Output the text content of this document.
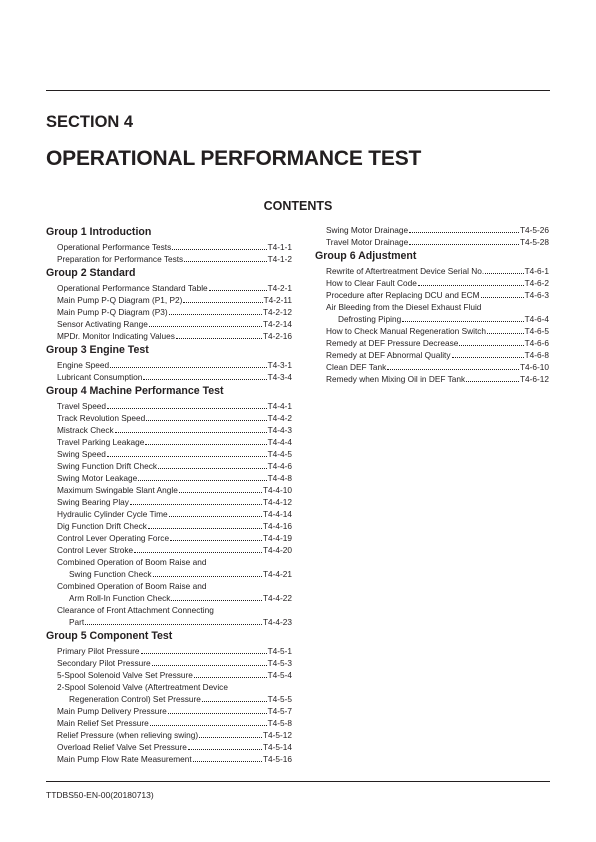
SECTION 4
OPERATIONAL PERFORMANCE TEST
CONTENTS
Group 1 Introduction
Operational Performance Tests	T4-1-1
Preparation for Performance Tests	T4-1-2
Group 2 Standard
Operational Performance Standard Table	T4-2-1
Main Pump P-Q Diagram (P1, P2)	T4-2-11
Main Pump P-Q Diagram (P3)	T4-2-12
Sensor Activating Range	T4-2-14
MPDr. Monitor Indicating Values	T4-2-16
Group 3 Engine Test
Engine Speed	T4-3-1
Lubricant Consumption	T4-3-4
Group 4 Machine Performance Test
Travel Speed	T4-4-1
Track Revolution Speed	T4-4-2
Mistrack Check	T4-4-3
Travel Parking Leakage	T4-4-4
Swing Speed	T4-4-5
Swing Function Drift Check	T4-4-6
Swing Motor Leakage	T4-4-8
Maximum Swingable Slant Angle	T4-4-10
Swing Bearing Play	T4-4-12
Hydraulic Cylinder Cycle Time	T4-4-14
Dig Function Drift Check	T4-4-16
Control Lever Operating Force	T4-4-19
Control Lever Stroke	T4-4-20
Combined Operation of Boom Raise and
Swing Function Check	T4-4-21
Combined Operation of Boom Raise and
Arm Roll-In Function Check	T4-4-22
Clearance of Front Attachment Connecting
Part	T4-4-23
Group 5 Component Test
Primary Pilot Pressure	T4-5-1
Secondary Pilot Pressure	T4-5-3
5-Spool Solenoid Valve Set Pressure	T4-5-4
2-Spool Solenoid Valve (Aftertreatment Device
Regeneration Control) Set Pressure	T4-5-5
Main Pump Delivery Pressure	T4-5-7
Main Relief Set Pressure	T4-5-8
Relief Pressure (when relieving swing)	T4-5-12
Overload Relief Valve Set Pressure	T4-5-14
Main Pump Flow Rate Measurement	T4-5-16
Swing Motor Drainage	T4-5-26
Travel Motor Drainage	T4-5-28
Group 6 Adjustment
Rewrite of Aftertreatment Device Serial No.	T4-6-1
How to Clear Fault Code	T4-6-2
Procedure after Replacing DCU and ECM	T4-6-3
Air Bleeding from the Diesel Exhaust Fluid
Defrosting Piping	T4-6-4
How to Check Manual Regeneration Switch	T4-6-5
Remedy at DEF Pressure Decrease	T4-6-6
Remedy at DEF Abnormal Quality	T4-6-8
Clean DEF Tank	T4-6-10
Remedy when Mixing Oil in DEF Tank	T4-6-12
TTDBS50-EN-00(20180713)
